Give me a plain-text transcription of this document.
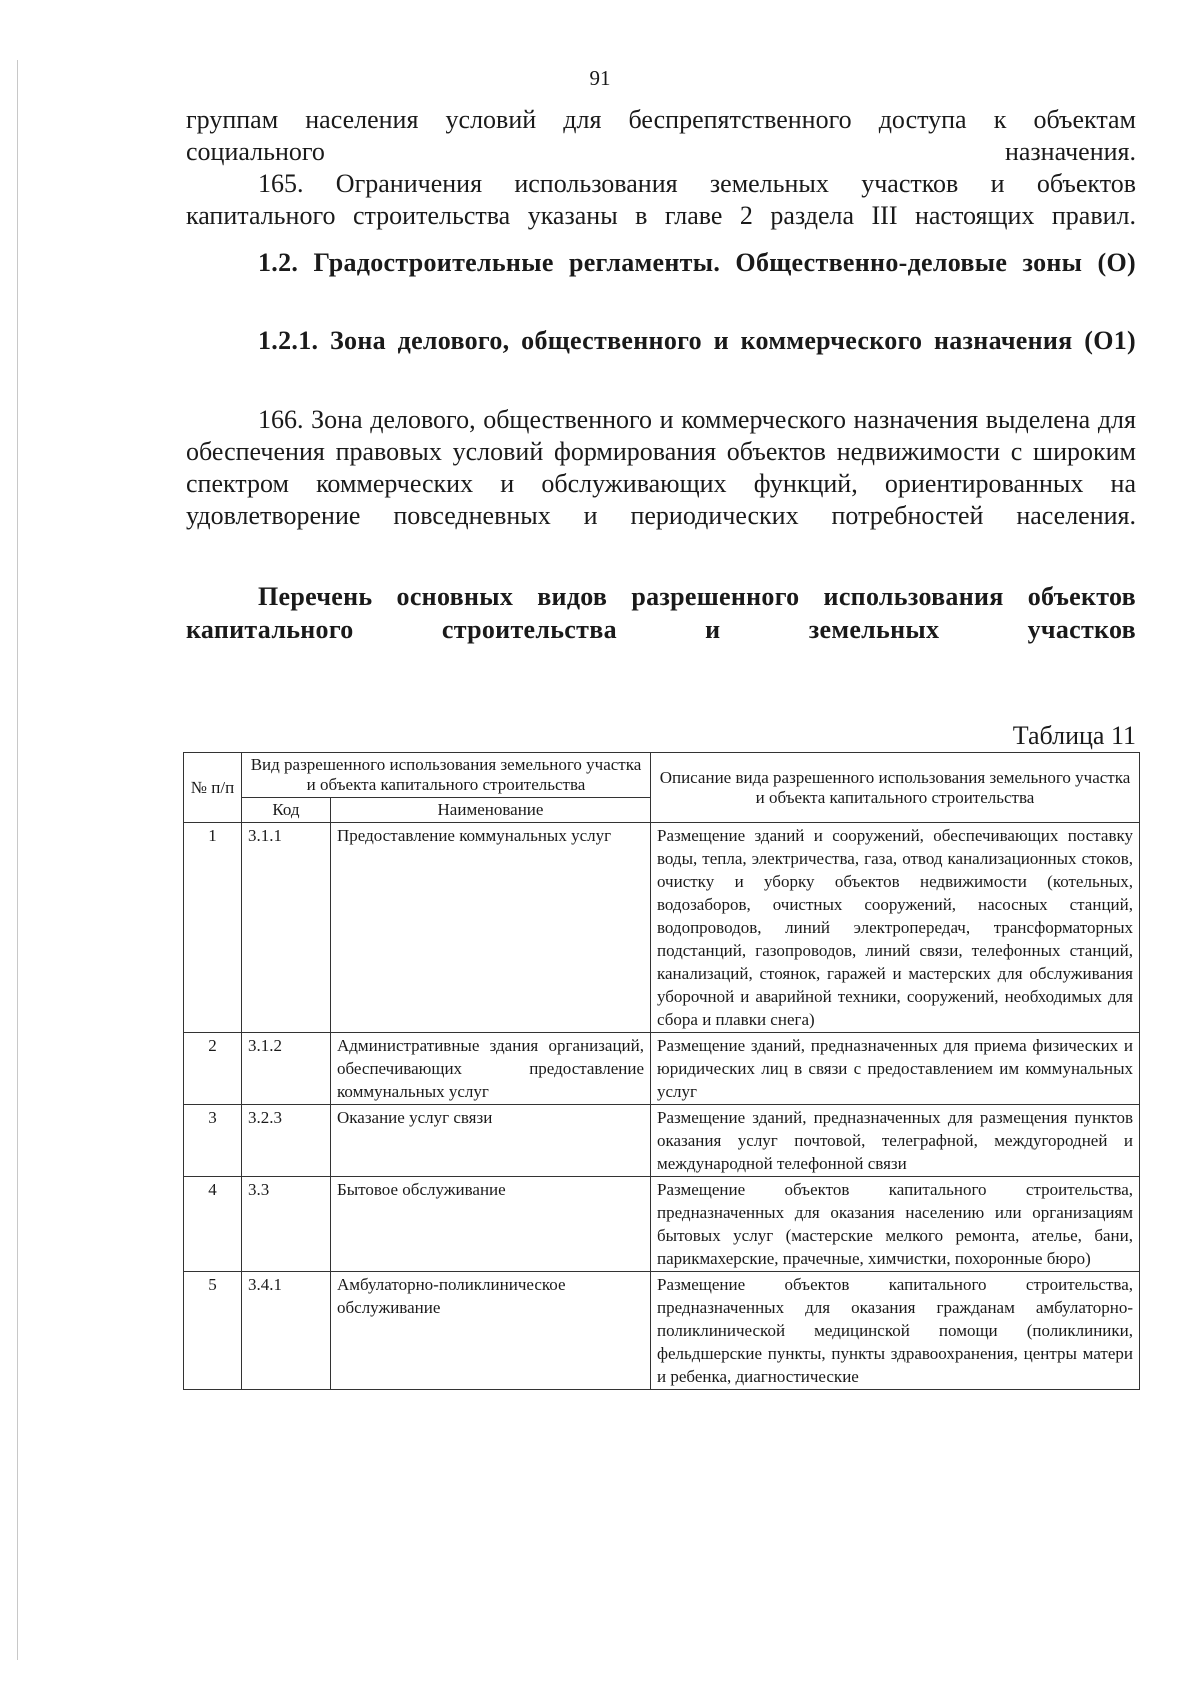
91
группам населения условий для беспрепятственного доступа к объектам социального назначения.
165. Ограничения использования земельных участков и объектов капитального строительства указаны в главе 2 раздела III настоящих правил.
1.2. Градостроительные регламенты. Общественно-деловые зоны (О)
1.2.1. Зона делового, общественного и коммерческого назначения (О1)
166. Зона делового, общественного и коммерческого назначения выделена для обеспечения правовых условий формирования объектов недвижимости с широким спектром коммерческих и обслуживающих функций, ориентированных на удовлетворение повседневных и периодических потребностей населения.
Перечень основных видов разрешенного использования объектов капитального строительства и земельных участков
Таблица 11
№ п/п	Вид разрешенного использования земельного участка и объекта капитального строительства		Описание вида разрешенного использования земельного участка и объекта капитального строительства
	Код	Наименование	
1	3.1.1	Предоставление коммунальных услуг	Размещение зданий и сооружений, обеспечивающих поставку воды, тепла, электричества, газа, отвод канализационных стоков, очистку и уборку объектов недвижимости (котельных, водозаборов, очистных сооружений, насосных станций, водопроводов, линий электропередач, трансформаторных подстанций, газопроводов, линий связи, телефонных станций, канализаций, стоянок, гаражей и мастерских для обслуживания уборочной и аварийной техники, сооружений, необходимых для сбора и плавки снега)
2	3.1.2	Административные здания организаций, обеспечивающих предоставление коммунальных услуг	Размещение зданий, предназначенных для приема физических и юридических лиц в связи с предоставлением им коммунальных услуг
3	3.2.3	Оказание услуг связи	Размещение зданий, предназначенных для размещения пунктов оказания услуг почтовой, телеграфной, междугородней и международной телефонной связи
4	3.3	Бытовое обслуживание	Размещение объектов капитального строительства, предназначенных для оказания населению или организациям бытовых услуг (мастерские мелкого ремонта, ателье, бани, парикмахерские, прачечные, химчистки, похоронные бюро)
5	3.4.1	Амбулаторно-поликлиническое обслуживание	Размещение объектов капитального строительства, предназначенных для оказания гражданам амбулаторно-поликлинической медицинской помощи (поликлиники, фельдшерские пункты, пункты здравоохранения, центры матери и ребенка, диагностические
